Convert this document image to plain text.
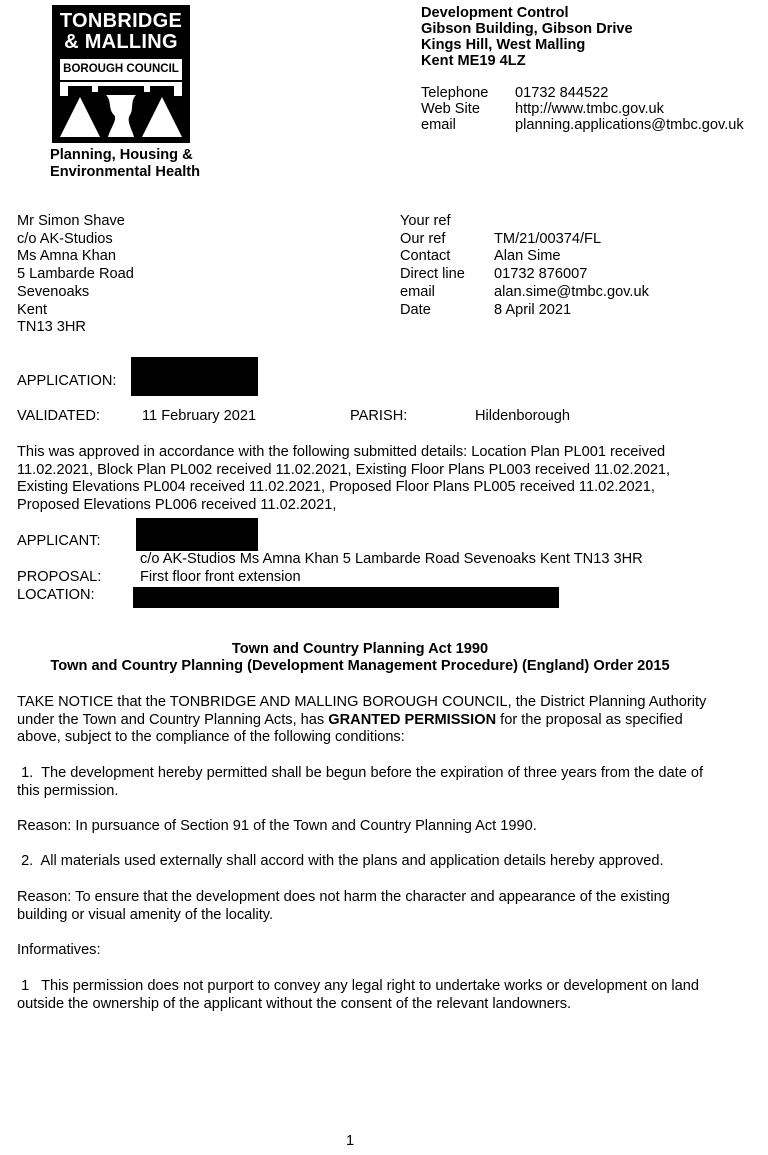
TONBRIDGE
& MALLING
BOROUGH COUNCIL
Planning, Housing &
Environmental Health
Development Control
Gibson Building, Gibson Drive
Kings Hill, West Malling
Kent ME19 4LZ
Telephone 01732 844522
Web Site http://www.tmbc.gov.uk
email	planning.applications@tmbc.gov.uk
Mr Simon Shave
c/o AK-Studios
Ms Amna Khan
5 Lambarde Road
Sevenoaks
Kent
TN13 3HR
Your ref
Our ref	TM/21/00374/FL
Contact	Alan Sime
Direct line 01732 876007
email	alan.sime@tmbc.gov.uk
Date	8 April 2021
APPLICATION:
VALIDATED:	11 February 2021	PARISH:	Hildenborough
This was approved in accordance with the following submitted details: Location Plan PL001 received 11.02.2021, Block Plan PL002 received 11.02.2021, Existing Floor Plans PL003 received 11.02.2021, Existing Elevations PL004 received 11.02.2021, Proposed Floor Plans PL005 received 11.02.2021, Proposed Elevations PL006 received 11.02.2021,
APPLICANT:
c/o AK-Studios Ms Amna Khan 5 Lambarde Road Sevenoaks Kent TN13 3HR
PROPOSAL:	First floor front extension
LOCATION:
Town and Country Planning Act 1990
Town and Country Planning (Development Management Procedure) (England) Order 2015
TAKE NOTICE that the TONBRIDGE AND MALLING BOROUGH COUNCIL, the District Planning Authority under the Town and Country Planning Acts, has GRANTED PERMISSION for the proposal as specified above, subject to the compliance of the following conditions:
1.  The development hereby permitted shall be begun before the expiration of three years from the date of this permission.
Reason: In pursuance of Section 91 of the Town and Country Planning Act 1990.
2.  All materials used externally shall accord with the plans and application details hereby approved.
Reason: To ensure that the development does not harm the character and appearance of the existing building or visual amenity of the locality.
Informatives:
1   This permission does not purport to convey any legal right to undertake works or development on land outside the ownership of the applicant without the consent of the relevant landowners.
1
